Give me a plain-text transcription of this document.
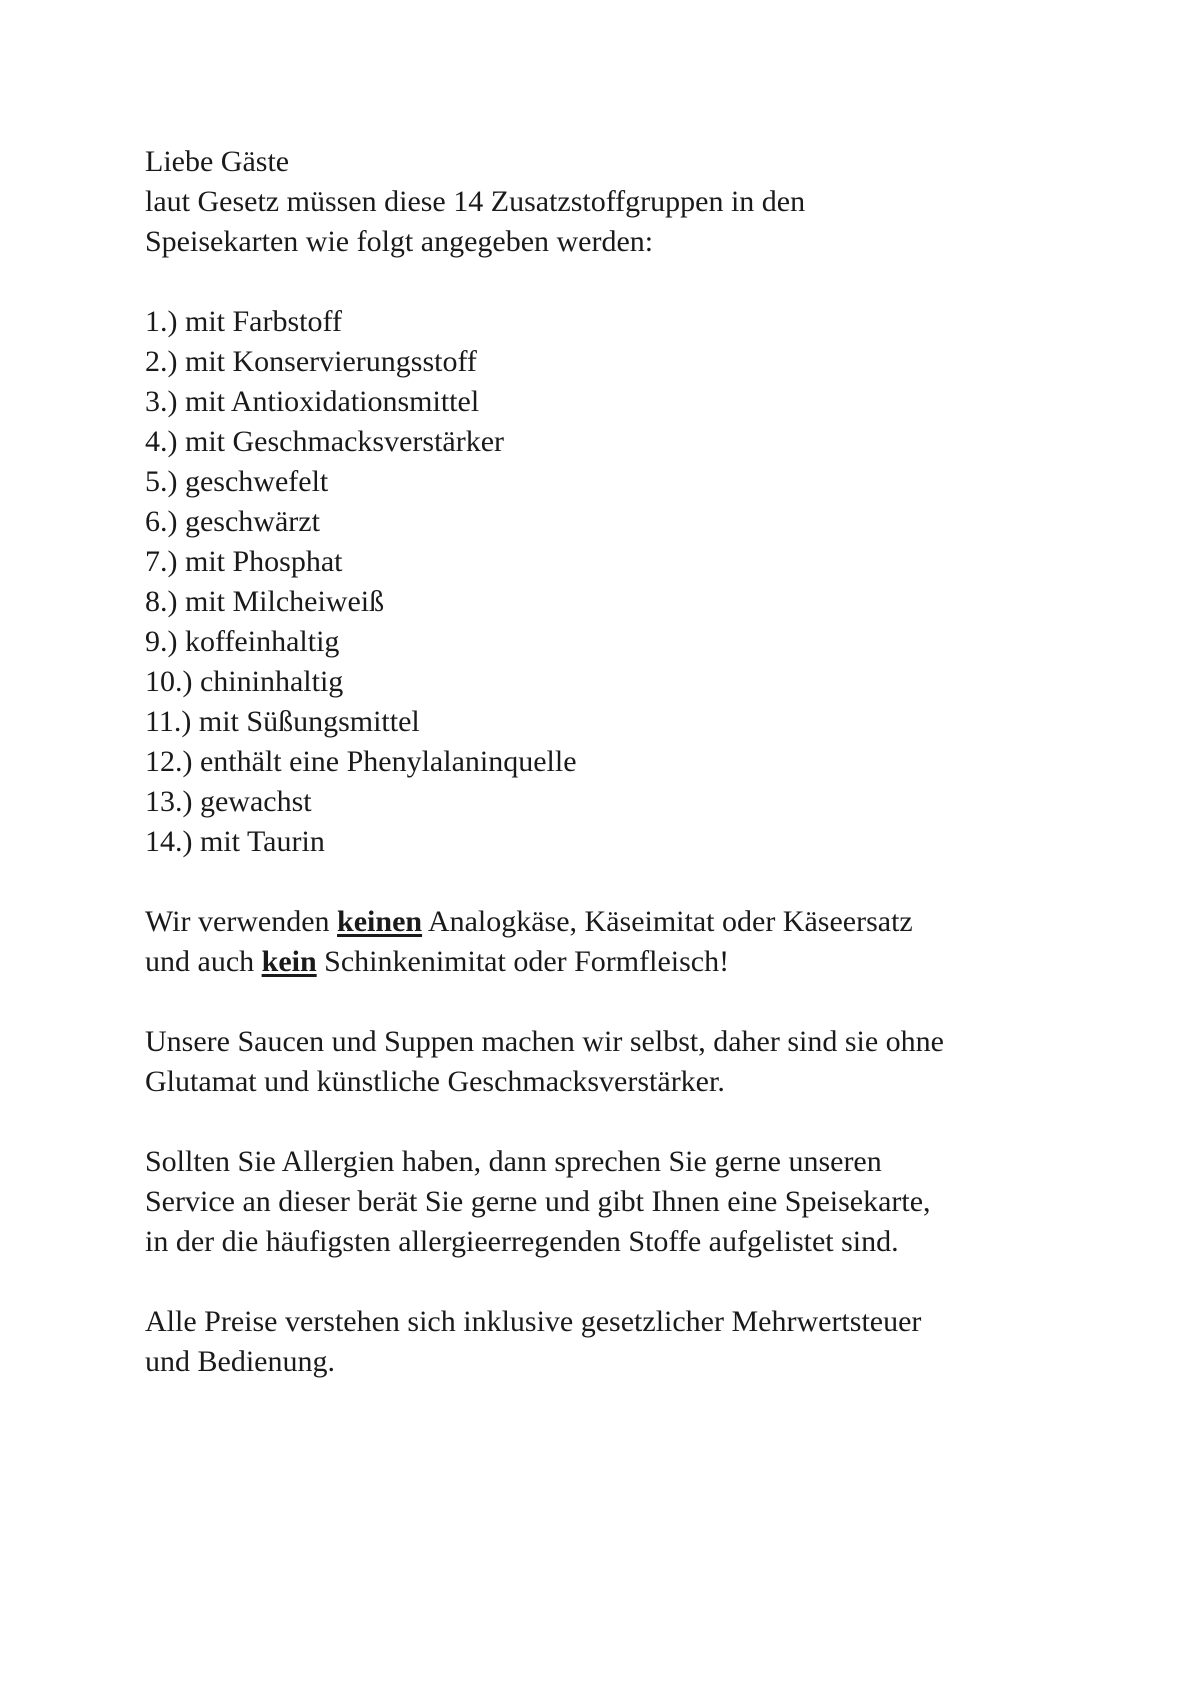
Liebe Gäste
laut Gesetz müssen diese 14 Zusatzstoffgruppen in den
Speisekarten wie folgt angegeben werden:
1.) mit Farbstoff
2.) mit Konservierungsstoff
3.) mit Antioxidationsmittel
4.) mit Geschmacksverstärker
5.) geschwefelt
6.) geschwärzt
7.) mit Phosphat
8.) mit Milcheiweiß
9.) koffeinhaltig
10.) chininhaltig
11.) mit Süßungsmittel
12.) enthält eine Phenylalaninquelle
13.) gewachst
14.) mit Taurin
Wir verwenden keinen Analogkäse, Käseimitat oder Käseersatz
und auch kein Schinkenimitat oder Formfleisch!
Unsere Saucen und Suppen machen wir selbst, daher sind sie ohne
Glutamat und künstliche Geschmacksverstärker.
Sollten Sie Allergien haben, dann sprechen Sie gerne unseren
Service an dieser berät Sie gerne und gibt Ihnen eine Speisekarte,
in der die häufigsten allergieerregenden Stoffe aufgelistet sind.
Alle Preise verstehen sich inklusive gesetzlicher Mehrwertsteuer
und Bedienung.
